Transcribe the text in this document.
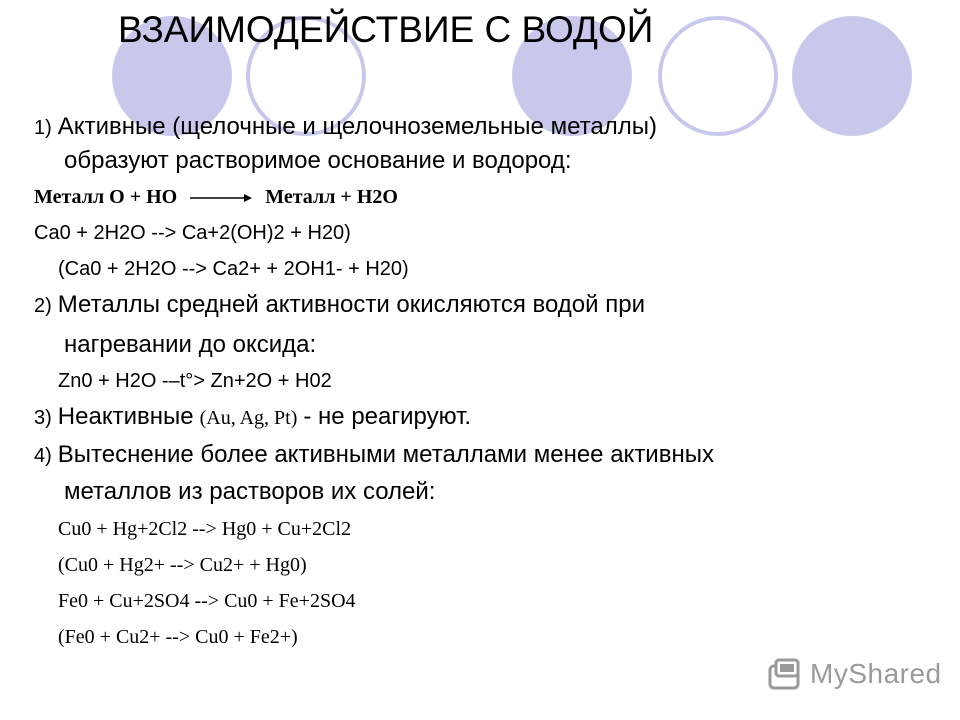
ВЗАИМОДЕЙСТВИЕ С ВОДОЙ
1) Активные (щелочные и щелочноземельные металлы)
образуют растворимое основание и водород:
Металл O + HO	Металл + H2O
Ca0 + 2H2O --> Ca+2(OH)2 + H20)
(Ca0 + 2H2O --> Ca2+ + 2OH1- + H20)
2) Металлы средней активности окисляются водой при
нагревании до оксида:
Zn0 + H2O -–t°> Zn+2O + H02
3) Неактивные (Au, Ag, Pt) - не реагируют.
4) Вытеснение более активными металлами менее активных
металлов из растворов их солей:
Cu0 + Hg+2Cl2 --> Hg0 + Cu+2Cl2
(Cu0 + Hg2+ --> Cu2+ + Hg0)
Fe0 + Cu+2SO4 --> Cu0 + Fe+2SO4
(Fe0 + Cu2+ --> Cu0 + Fe2+)
MyShared
